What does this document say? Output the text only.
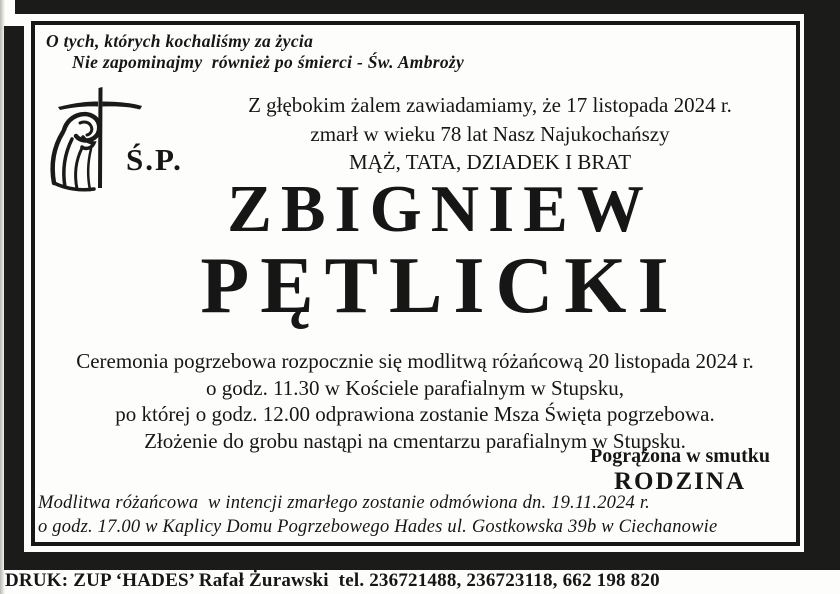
O tych, których kochaliśmy za życia
Nie zapominajmy  również po śmierci - Św. Ambroży
Ś.P.
Z głębokim żalem zawiadamiamy, że 17 listopada 2024 r.
zmarł w wieku 78 lat Nasz Najukochańszy
MĄŻ, TATA, DZIADEK I BRAT
ZBIGNIEW
PĘTLICKI
Ceremonia pogrzebowa rozpocznie się modlitwą różańcową 20 listopada 2024 r.
o godz. 11.30 w Kościele parafialnym w Stupsku,
po której o godz. 12.00 odprawiona zostanie Msza Święta pogrzebowa.
Złożenie do grobu nastąpi na cmentarzu parafialnym w Stupsku.
Pogrążona w smutku
RODZINA
Modlitwa różańcowa  w intencji zmarłego zostanie odmówiona dn. 19.11.2024 r.
o godz. 17.00 w Kaplicy Domu Pogrzebowego Hades ul. Gostkowska 39b w Ciechanowie
DRUK: ZUP ‘HADES’ Rafał Żurawski  tel. 236721488, 236723118, 662 198 820
